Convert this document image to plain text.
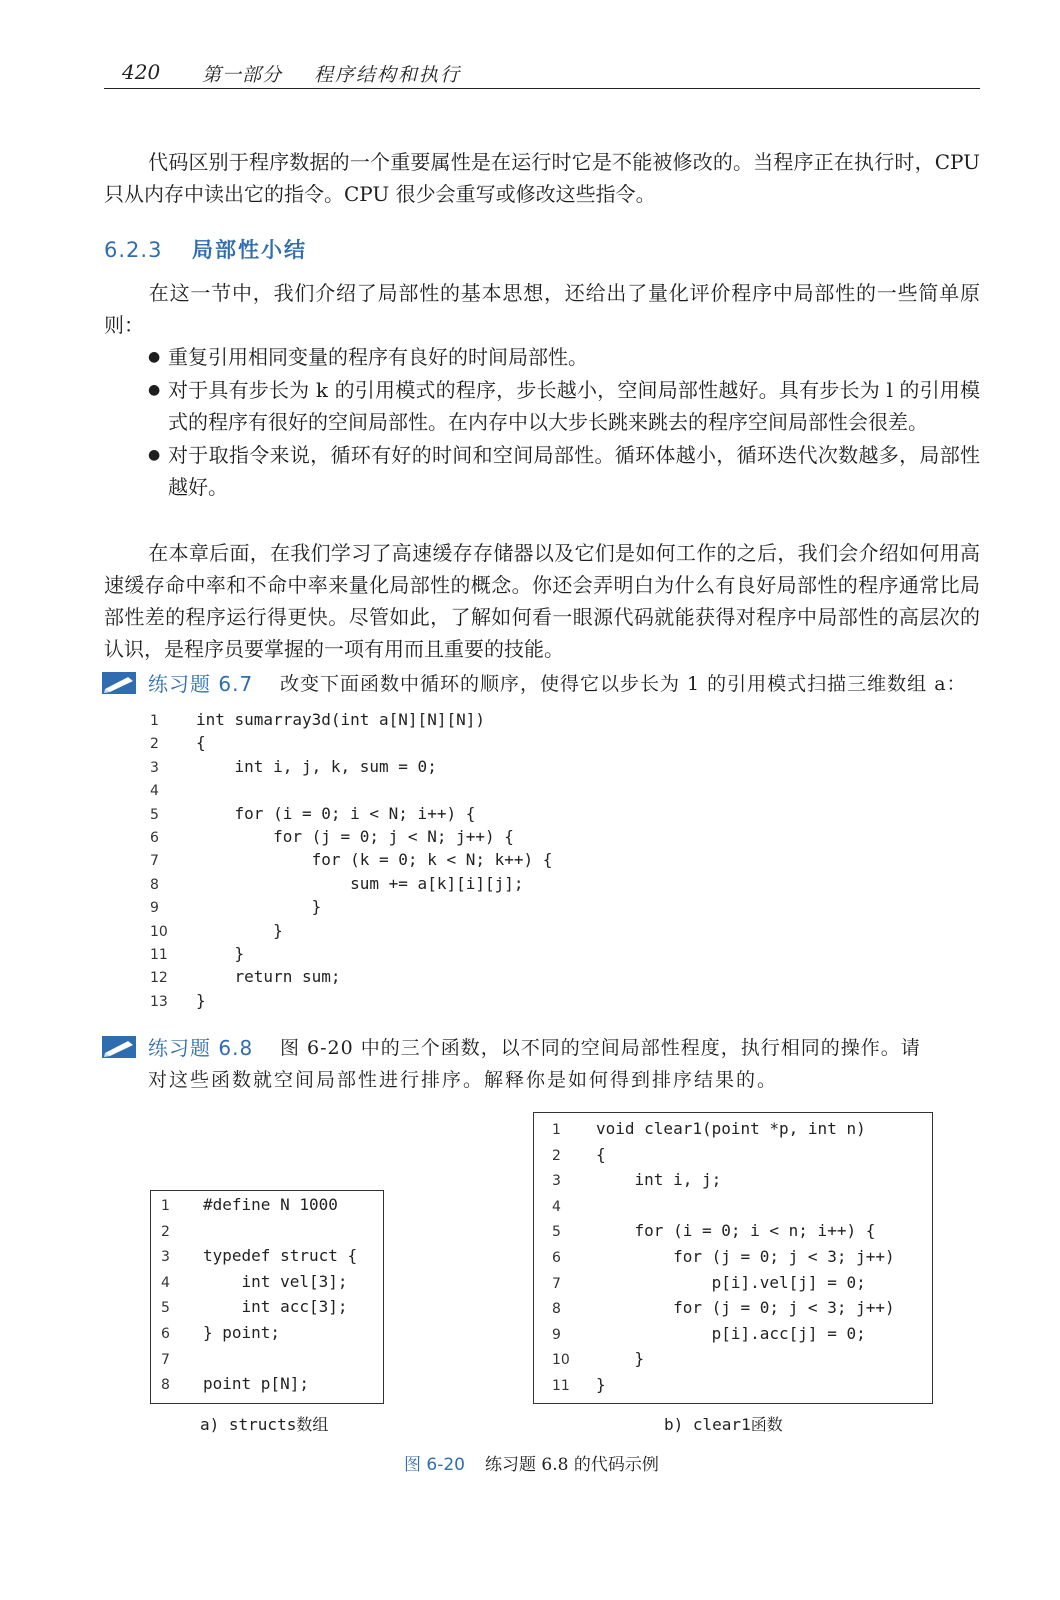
420 第一部分 程序结构和执行
代码区别于程序数据的一个重要属性是在运行时它是不能被修改的。当程序正在执行时，CPU 只从内存中读出它的指令。CPU 很少会重写或修改这些指令。
6.2.3 局部性小结
在这一节中，我们介绍了局部性的基本思想，还给出了量化评价程序中局部性的一些简单原则：
● 重复引用相同变量的程序有良好的时间局部性。
● 对于具有步长为 k 的引用模式的程序，步长越小，空间局部性越好。具有步长为 l 的引用模式的程序有很好的空间局部性。在内存中以大步长跳来跳去的程序空间局部性会很差。
● 对于取指令来说，循环有好的时间和空间局部性。循环体越小，循环迭代次数越多，局部性越好。
在本章后面，在我们学习了高速缓存存储器以及它们是如何工作的之后，我们会介绍如何用高速缓存命中率和不命中率来量化局部性的概念。你还会弄明白为什么有良好局部性的程序通常比局部性差的程序运行得更快。尽管如此，了解如何看一眼源代码就能获得对程序中局部性的高层次的认识，是程序员要掌握的一项有用而且重要的技能。
练习题 6.7 改变下面函数中循环的顺序，使得它以步长为 1 的引用模式扫描三维数组 a：
1	int sumarray3d(int a[N][N][N])
2	{
3	int i, j, k, sum = 0;
4
5	for (i = 0; i < N; i++) {
6	for (j = 0; j < N; j++) {
7	for (k = 0; k < N; k++) {
8	sum += a[k][i][j];
9	}
10	}
11	}
12	return sum;
13	}
练习题 6.8 图 6-20 中的三个函数，以不同的空间局部性程度，执行相同的操作。请
对这些函数就空间局部性进行排序。解释你是如何得到排序结果的。
1	#define N 1000
2
3	typedef struct {
4	int vel[3];
5	int acc[3];
6	} point;
7
8	point p[N];
a) structs数组
1	void clear1(point *p, int n)
2	{
3	int i, j;
4
5	for (i = 0; i < n; i++) {
6	for (j = 0; j < 3; j++)
7	p[i].vel[j] = 0;
8	for (j = 0; j < 3; j++)
9	p[i].acc[j] = 0;
10	}
11	}
b) clear1函数
图 6-20 练习题 6.8 的代码示例
